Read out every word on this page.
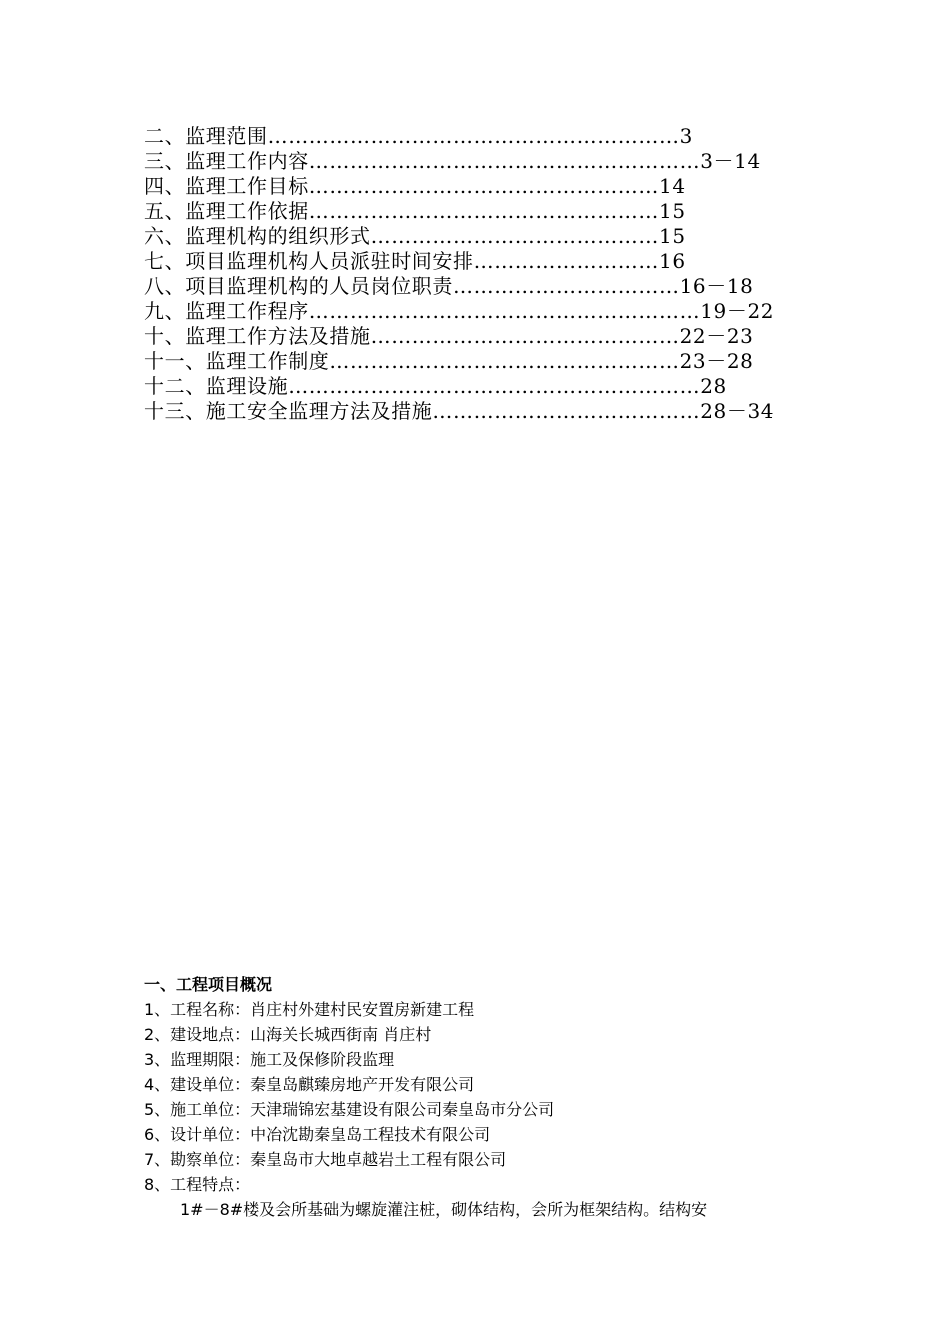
二、监理范围……………………………………………………3
三、监理工作内容…………………………………………………3－14
四、监理工作目标……………………………………………14
五、监理工作依据……………………………………………15
六、监理机构的组织形式……………………………………15
七、项目监理机构人员派驻时间安排………………………16
八、项目监理机构的人员岗位职责……………………………16－18
九、监理工作程序…………………………………………………19－22
十、监理工作方法及措施………………………………………22－23
十一、监理工作制度……………………………………………23－28
十二、监理设施……………………………………………………28
十三、施工安全监理方法及措施…………………………………28－34
一、工程项目概况
1、工程名称：肖庄村外建村民安置房新建工程
2、建设地点：山海关长城西街南 肖庄村
3、监理期限：施工及保修阶段监理
4、建设单位：秦皇岛麒臻房地产开发有限公司
5、施工单位：天津瑞锦宏基建设有限公司秦皇岛市分公司
6、设计单位：中冶沈勘秦皇岛工程技术有限公司
7、勘察单位：秦皇岛市大地卓越岩土工程有限公司
8、工程特点：
1#－8#楼及会所基础为螺旋灌注桩，砌体结构，会所为框架结构。结构安
